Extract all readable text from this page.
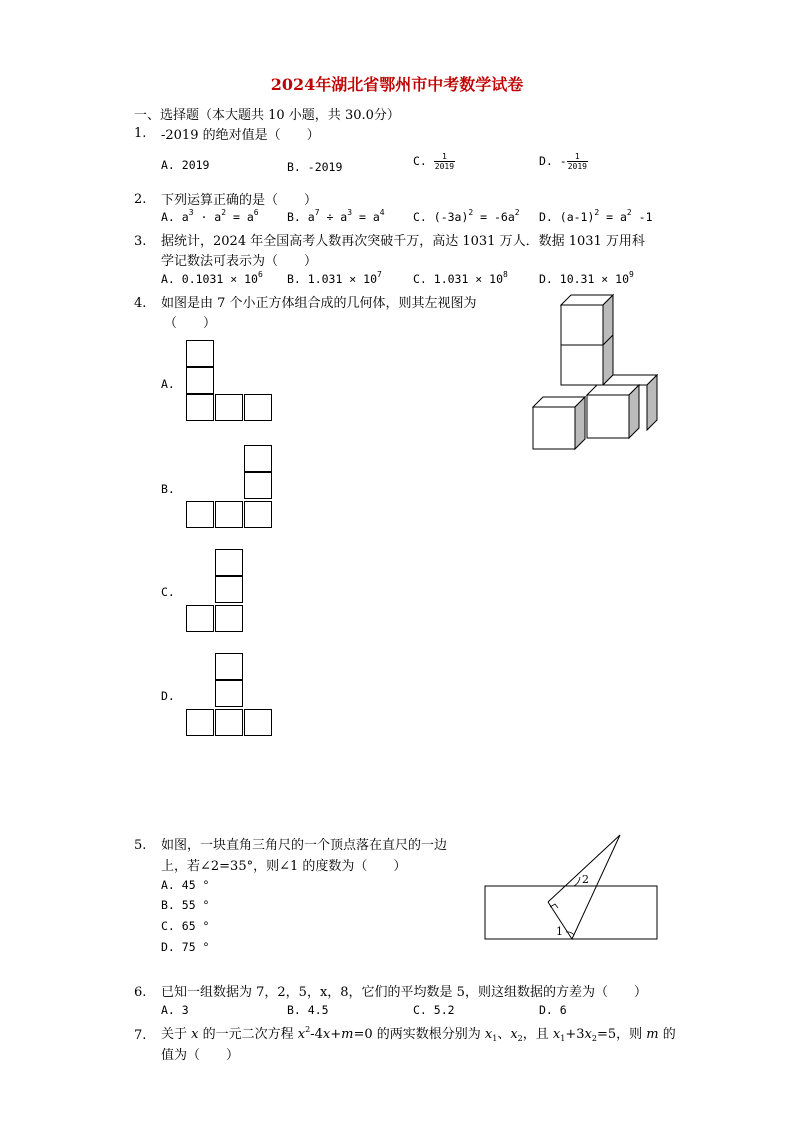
2024年湖北省鄂州市中考数学试卷
一、选择题（本大题共 10 小题，共 30.0分）
1. -2019 的绝对值是（　　）
A. 2019	B. -2019	C. $\frac{1}{2019}$	D. - $\frac{1}{2019}$
2. 下列运算正确的是（　　）
A. $a^3 \cdot a^2 = a^6$ B. $a^7 \div a^3 = a^4$ C. $(-3a)^2 = -6a^2$ D. $(a-1)^2 = a^2$ -1
3. 据统计，2024 年全国高考人数再次突破千万，高达 1031 万人．数据 1031 万用科
学记数法可表示为（　　）
A. $0.1031 \times 10^6$ B. $1.031 \times 10^7$	C. $1.031 \times 10^8$	D. $10.31 \times 10^9$
4. 如图是由 7 个小正方体组合成的几何体，则其左视图为
（　　）
A.
B.
C.
D.
5. 如图，一块直角三角尺的一个顶点落在直尺的一边
上，若∠2=35°，则∠1 的度数为（　　）
A. 45 °
B. 55 °
C. 65 °
D. 75 °
2
1
6. 已知一组数据为 7，2，5，x，8，它们的平均数是 5，则这组数据的方差为（　　）
A. 3	B. 4.5	C. 5.2	D. 6
7. 关于 x 的一元二次方程 $x^2-4x+m=0$ 的两实数根分别为 $x_1$、$x_2$，且 $x_1+3x_2=5$，则 m 的
值为（　　）
